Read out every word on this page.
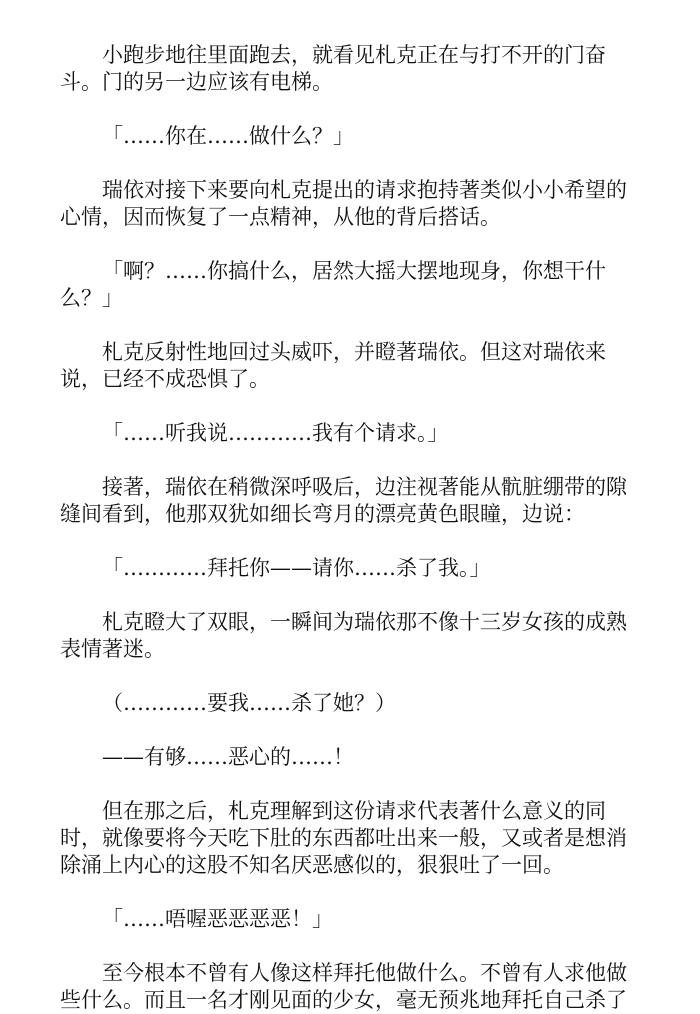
小跑步地往里面跑去，就看见札克正在与打不开的门奋斗。门的另一边应该有电梯。

「……你在……做什么？」

瑞依对接下来要向札克提出的请求抱持著类似小小希望的心情，因而恢复了一点精神，从他的背后搭话。

「啊？……你搞什么，居然大摇大摆地现身，你想干什么？」

札克反射性地回过头威吓，并瞪著瑞依。但这对瑞依来说，已经不成恐惧了。

「……听我说…………我有个请求。」

接著，瑞依在稍微深呼吸后，边注视著能从骯脏绷带的隙缝间看到，他那双犹如细长弯月的漂亮黄色眼瞳，边说：

「…………拜托你——请你……杀了我。」

札克瞪大了双眼，一瞬间为瑞依那不像十三岁女孩的成熟表情著迷。

（…………要我……杀了她？）

——有够……恶心的……！

但在那之后，札克理解到这份请求代表著什么意义的同时，就像要将今天吃下肚的东西都吐出来一般，又或者是想消除涌上内心的这股不知名厌恶感似的，狠狠吐了一回。

「……唔喔恶恶恶恶！」

至今根本不曾有人像这样拜托他做什么。不曾有人求他做些什么。而且一名才刚见面的少女，毫无预兆地拜托自己杀了
